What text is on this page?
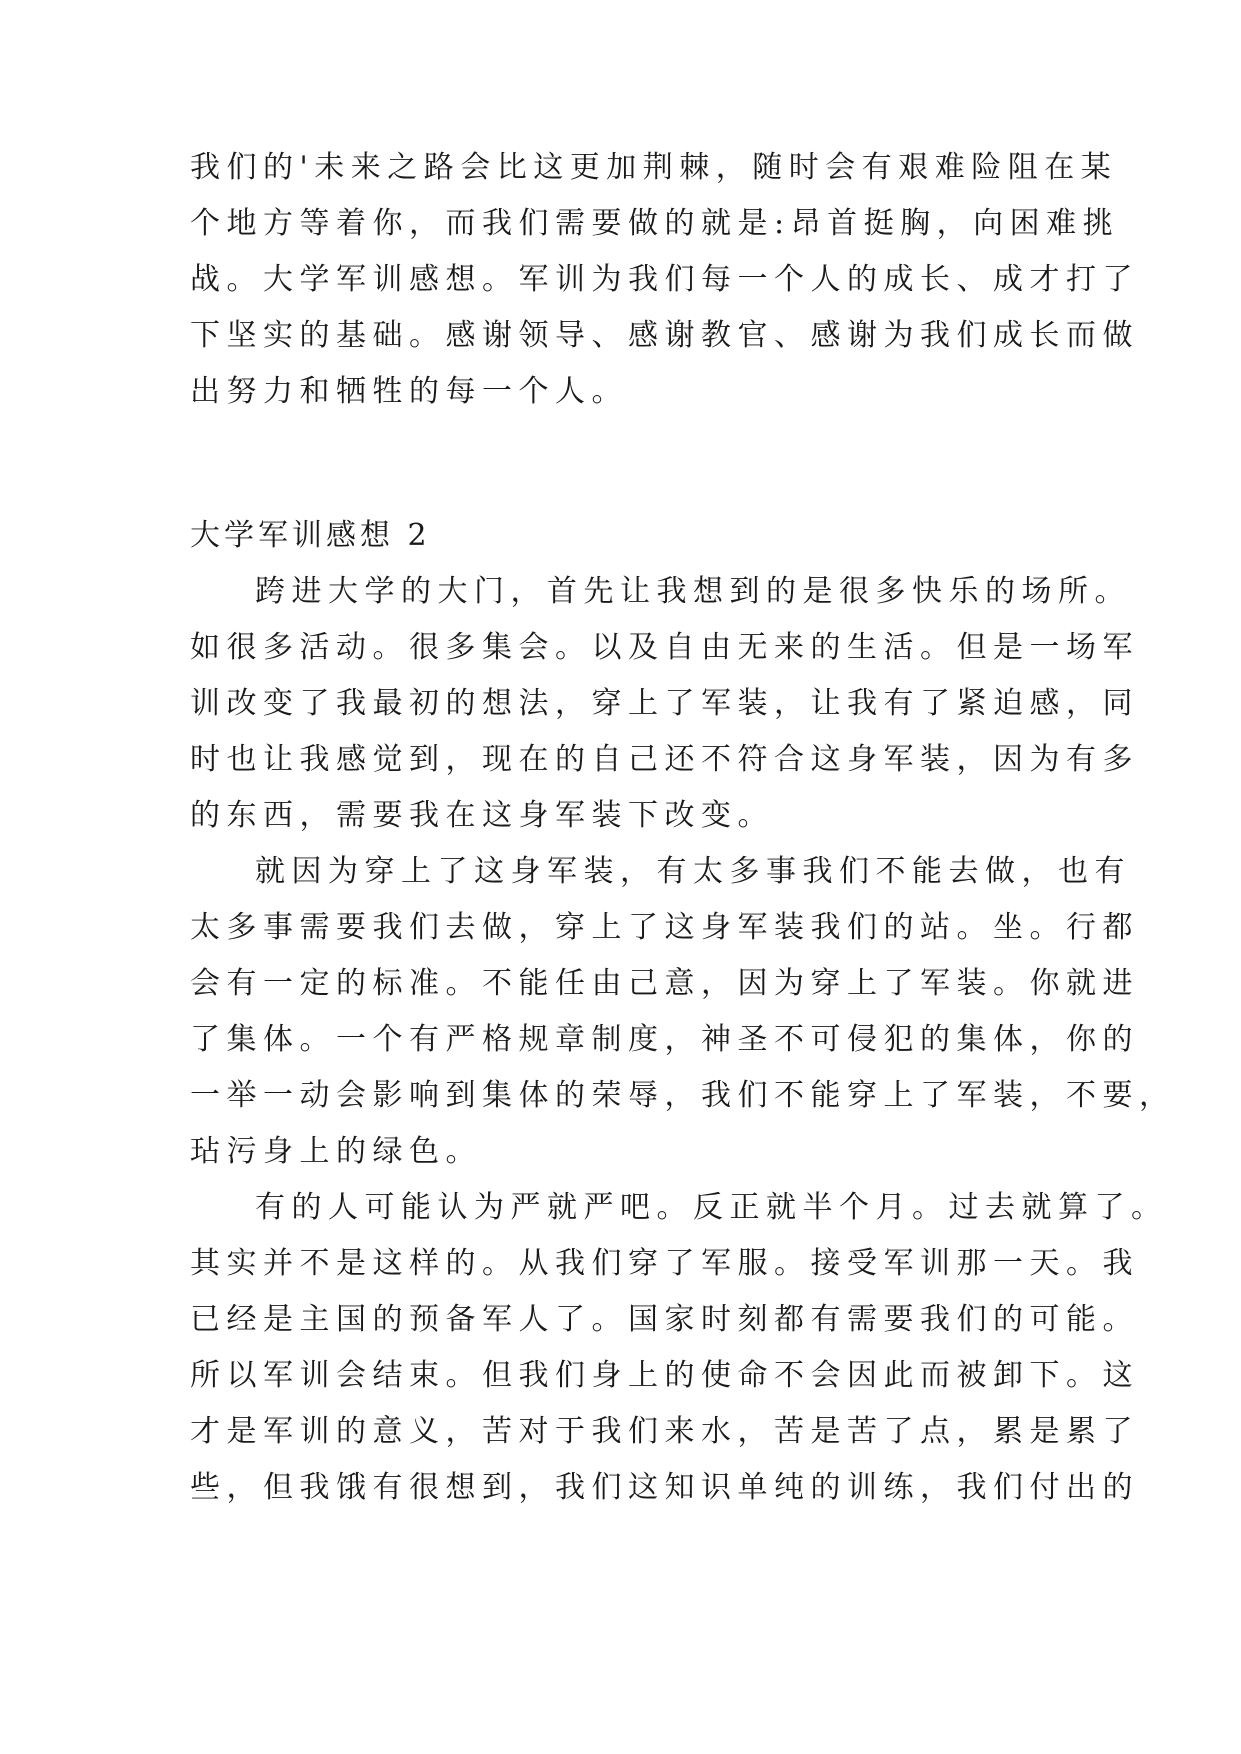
我们的'未来之路会比这更加荆棘，随时会有艰难险阻在某
个地方等着你，而我们需要做的就是:昂首挺胸，向困难挑
战。大学军训感想。军训为我们每一个人的成长、成才打了
下坚实的基础。感谢领导、感谢教官、感谢为我们成长而做
出努力和牺牲的每一个人。
大学军训感想 2
跨进大学的大门，首先让我想到的是很多快乐的场所。
如很多活动。很多集会。以及自由无来的生活。但是一场军
训改变了我最初的想法，穿上了军装，让我有了紧迫感，同
时也让我感觉到，现在的自己还不符合这身军装，因为有多
的东西，需要我在这身军装下改变。
就因为穿上了这身军装，有太多事我们不能去做，也有
太多事需要我们去做，穿上了这身军装我们的站。坐。行都
会有一定的标准。不能任由己意，因为穿上了军装。你就进
了集体。一个有严格规章制度，神圣不可侵犯的集体，你的
一举一动会影响到集体的荣辱，我们不能穿上了军装，不要，
玷污身上的绿色。
有的人可能认为严就严吧。反正就半个月。过去就算了。
其实并不是这样的。从我们穿了军服。接受军训那一天。我
已经是主国的预备军人了。国家时刻都有需要我们的可能。
所以军训会结束。但我们身上的使命不会因此而被卸下。这
才是军训的意义，苦对于我们来水，苦是苦了点，累是累了
些，但我饿有很想到，我们这知识单纯的训练，我们付出的
